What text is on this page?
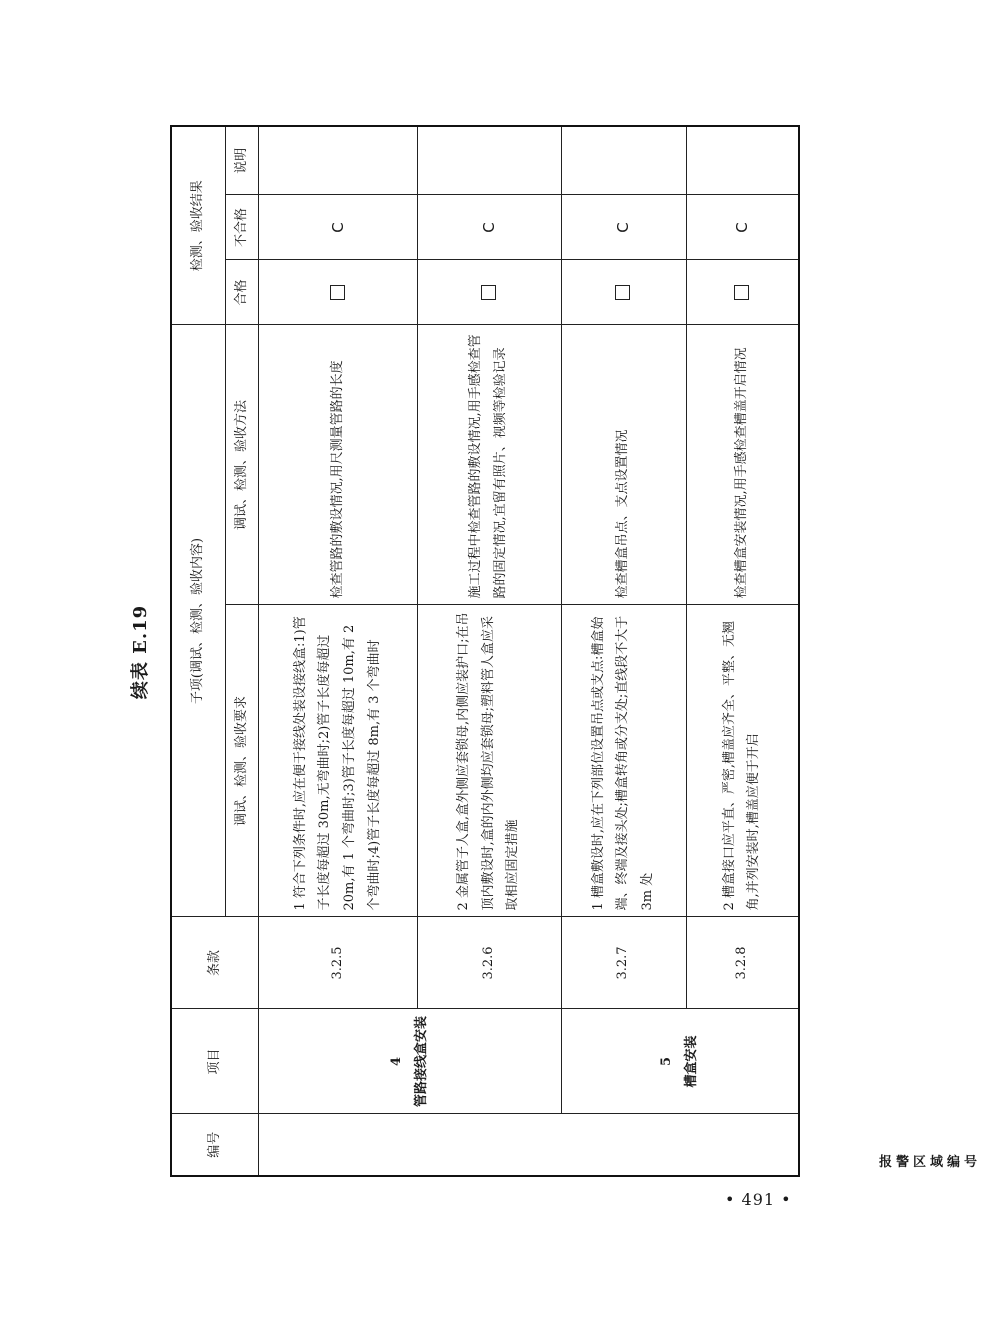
续表 E.19
编号	项目	条款	子项(调试、检测、验收内容)		检测、验收结果		
			调试、检测、验收要求	调试、检测、验收方法	合格	不合格	说明

报警区域编号	4 管路接线盒安装	3.2.5	1 符合下列条件时,应在便于接线处装设接线盒:1)管子长度每超过 30m,无弯曲时;2)管子长度每超过 20m,有 1 个弯曲时;3)管子长度每超过 10m,有 2 个弯曲时;4)管子长度每超过 8m,有 3 个弯曲时	检查管路的敷设情况,用尺测量管路的长度		C	
		3.2.6	2 金属管子人盒,盒外侧应套锁母,内侧应装护口;在吊顶内敷设时,盒的内外侧均应套锁母;塑料管人盒应采取相应固定措施	施工过程中检查管路的敷设情况,用手感检查管路的固定情况,宜留有照片、视频等检验记录		C	

	5 槽盒安装	3.2.7	1 槽盒敷设时,应在下列部位设置吊点或支点:槽盒始端、终端及接头处;槽盒转角或分支处;直线段不大于 3m 处	检查槽盒吊点、支点设置情况		C	
		3.2.8	2 槽盒接口应平直、严密,槽盖应齐全、平整、无翘角,并列安装时,槽盖应便于开启	检查槽盒安装情况,用手感检查槽盖开启情况		C	
• 491 •
